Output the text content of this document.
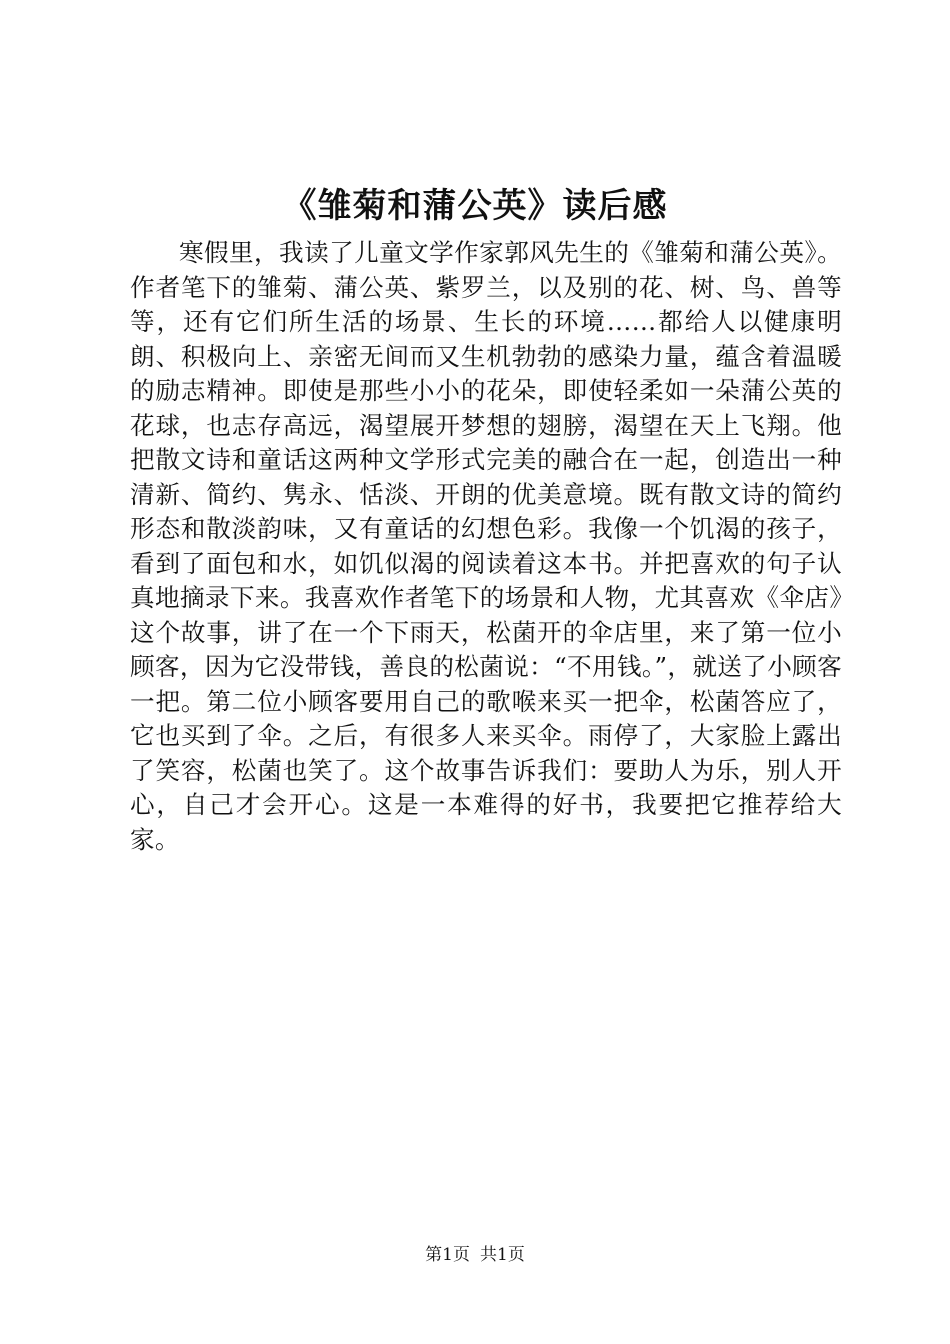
《雏菊和蒲公英》读后感

寒假里，我读了儿童文学作家郭风先生的《雏菊和蒲公英》。作者笔下的雏菊、蒲公英、紫罗兰，以及别的花、树、鸟、兽等等，还有它们所生活的场景、生长的环境……都给人以健康明朗、积极向上、亲密无间而又生机勃勃的感染力量，蕴含着温暖的励志精神。即使是那些小小的花朵，即使轻柔如一朵蒲公英的花球，也志存高远，渴望展开梦想的翅膀，渴望在天上飞翔。他把散文诗和童话这两种文学形式完美的融合在一起，创造出一种清新、简约、隽永、恬淡、开朗的优美意境。既有散文诗的简约形态和散淡韵味，又有童话的幻想色彩。我像一个饥渴的孩子，看到了面包和水，如饥似渴的阅读着这本书。并把喜欢的句子认真地摘录下来。我喜欢作者笔下的场景和人物，尤其喜欢《伞店》这个故事，讲了在一个下雨天，松菌开的伞店里，来了第一位小顾客，因为它没带钱，善良的松菌说：“不用钱。”，就送了小顾客一把。第二位小顾客要用自己的歌喉来买一把伞，松菌答应了，它也买到了伞。之后，有很多人来买伞。雨停了，大家脸上露出了笑容，松菌也笑了。这个故事告诉我们：要助人为乐，别人开心，自己才会开心。这是一本难得的好书，我要把它推荐给大家。

第1页 共1页
